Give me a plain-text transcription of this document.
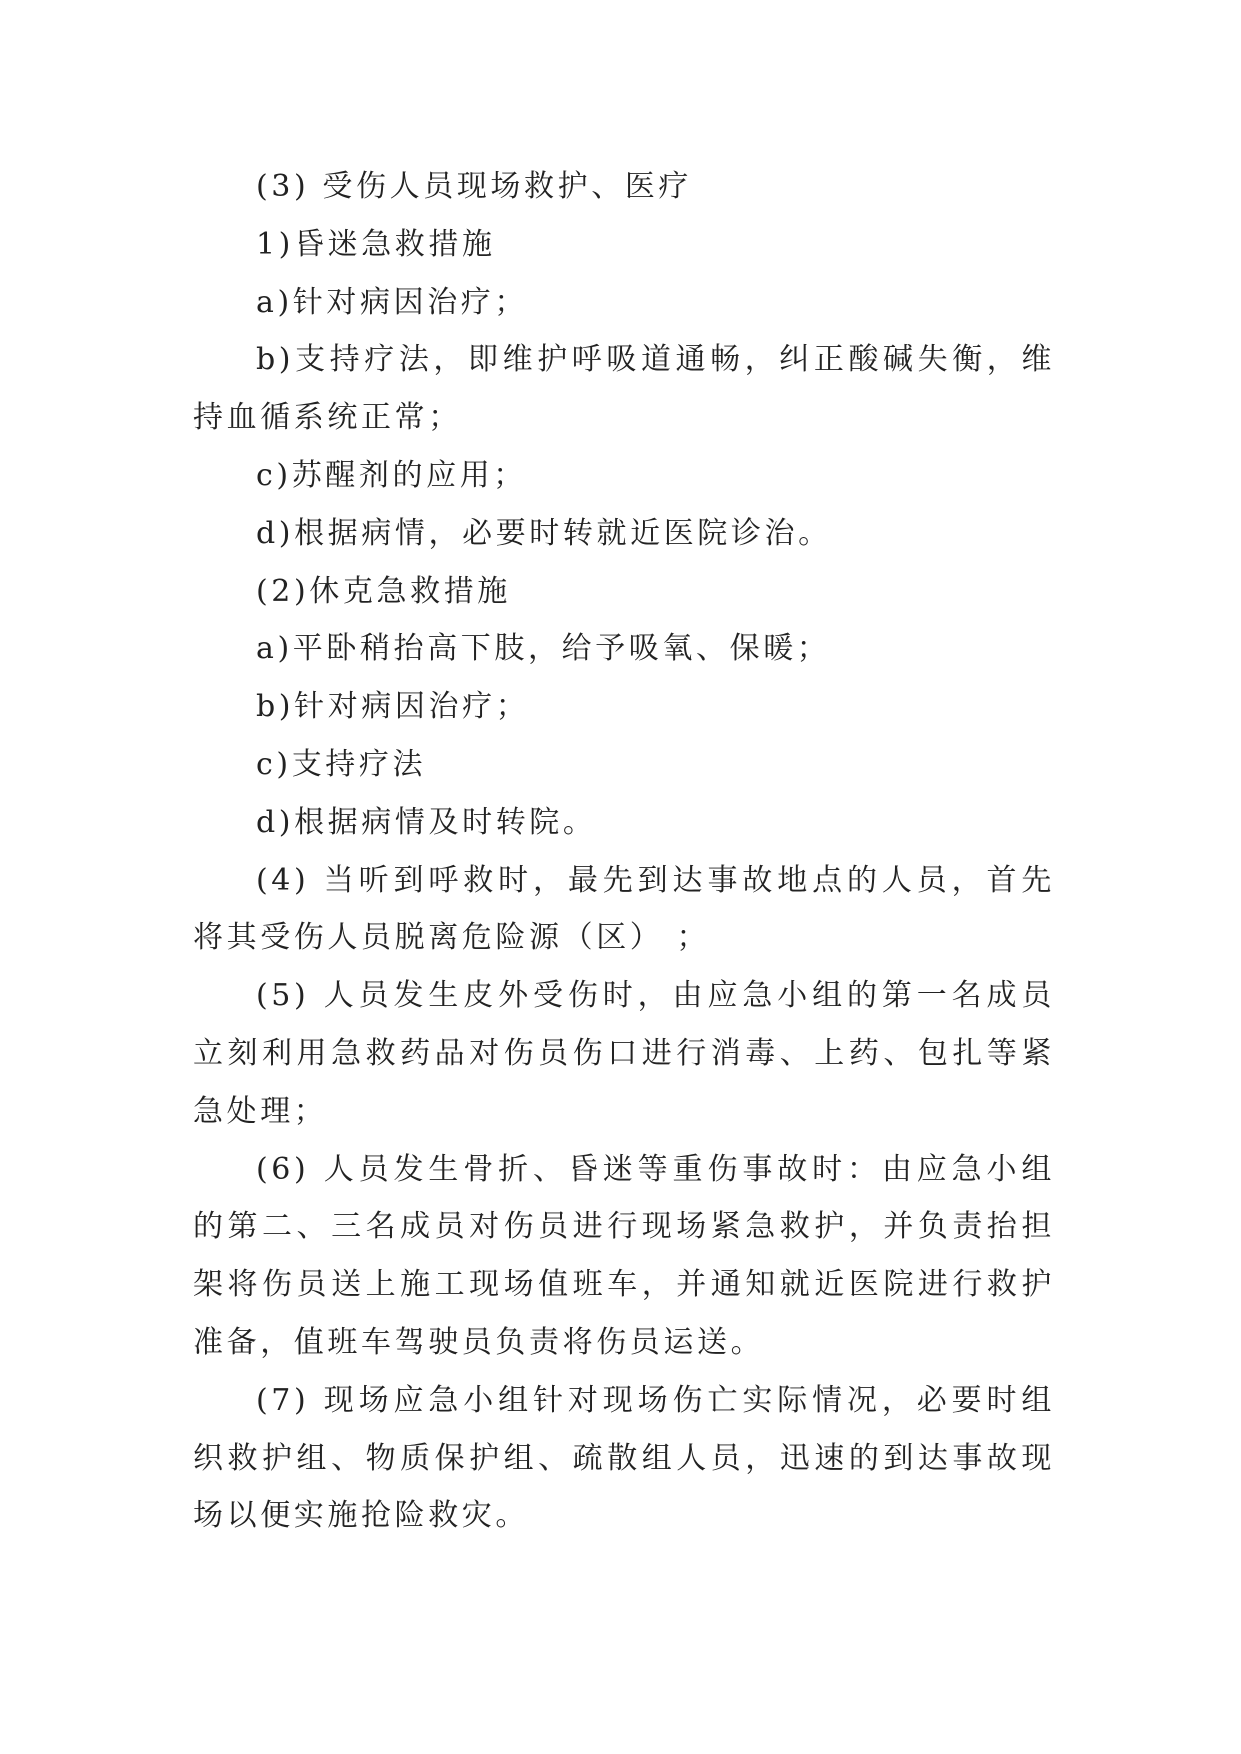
(3) 受伤人员现场救护、医疗

1)昏迷急救措施

a)针对病因治疗；

b)支持疗法，即维护呼吸道通畅，纠正酸碱失衡，维持血循系统正常；

c)苏醒剂的应用；

d)根据病情，必要时转就近医院诊治。

(2)休克急救措施

a)平卧稍抬高下肢，给予吸氧、保暖；

b)针对病因治疗；

c)支持疗法

d)根据病情及时转院。

(4) 当听到呼救时，最先到达事故地点的人员，首先将其受伤人员脱离危险源（区） ；

(5) 人员发生皮外受伤时，由应急小组的第一名成员立刻利用急救药品对伤员伤口进行消毒、上药、包扎等紧急处理；

(6) 人员发生骨折、昏迷等重伤事故时：由应急小组的第二、三名成员对伤员进行现场紧急救护，并负责抬担架将伤员送上施工现场值班车，并通知就近医院进行救护准备，值班车驾驶员负责将伤员运送。

(7) 现场应急小组针对现场伤亡实际情况，必要时组织救护组、物质保护组、疏散组人员，迅速的到达事故现场以便实施抢险救灾。
